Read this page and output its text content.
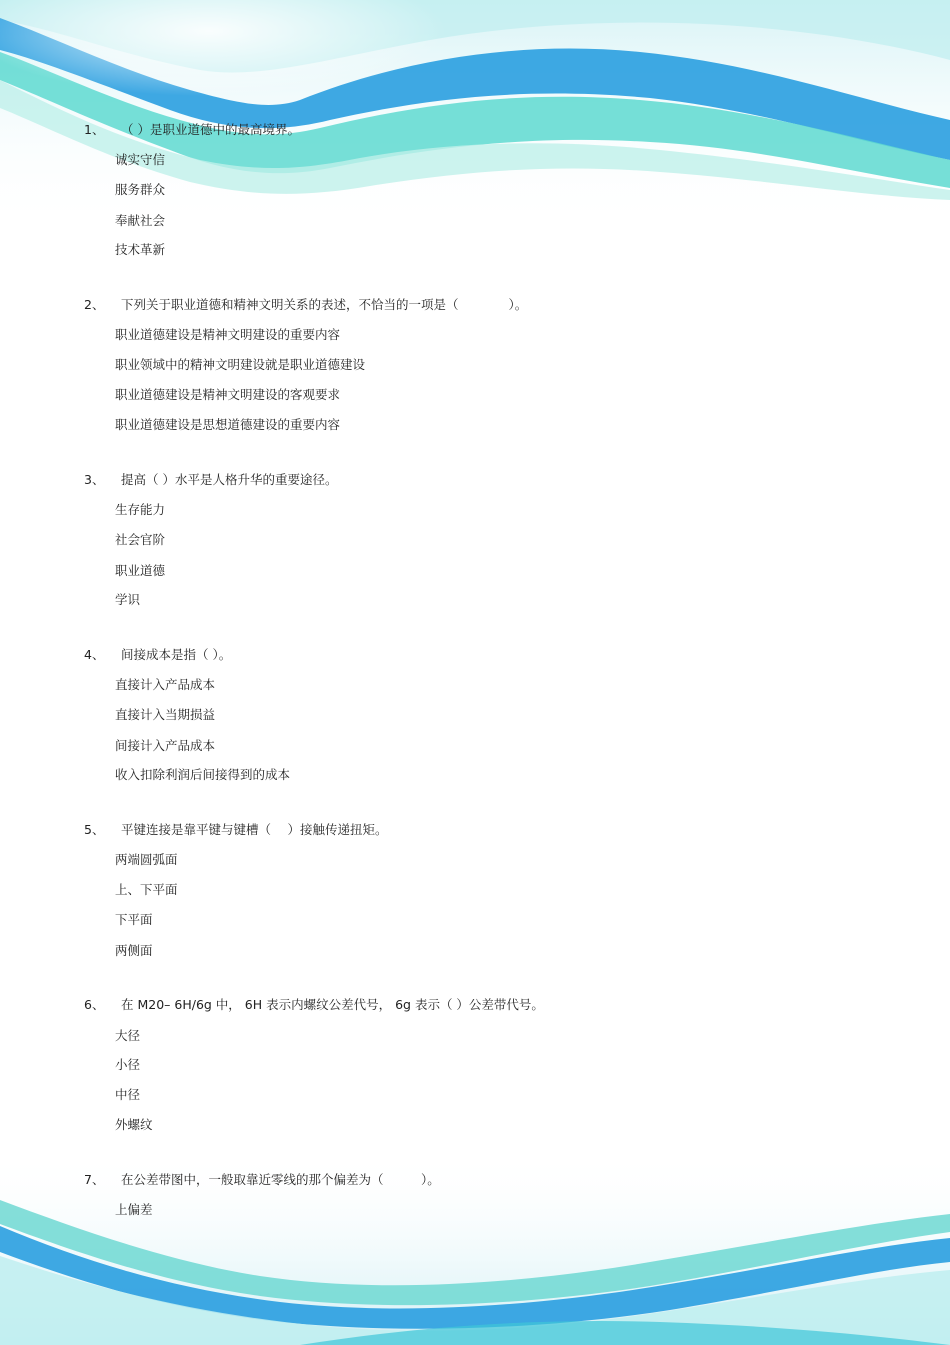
1、 （ ）是职业道德中的最高境界。
诚实守信
服务群众
奉献社会
技术革新
2、 下列关于职业道德和精神文明关系的表述，不恰当的一项是（　　　　）。
职业道德建设是精神文明建设的重要内容
职业领域中的精神文明建设就是职业道德建设
职业道德建设是精神文明建设的客观要求
职业道德建设是思想道德建设的重要内容
3、 提高（ ）水平是人格升华的重要途径。
生存能力
社会官阶
职业道德
学识
4、 间接成本是指（ ）。
直接计入产品成本
直接计入当期损益
间接计入产品成本
收入扣除利润后间接得到的成本
5、 平键连接是靠平键与键槽（　 ）接触传递扭矩。
两端圆弧面
上、下平面
下平面
两侧面
6、 在 M20– 6H/6g 中， 6H 表示内螺纹公差代号， 6g 表示（ ）公差带代号。
大径
小径
中径
外螺纹
7、 在公差带图中，一般取靠近零线的那个偏差为（　　　）。
上偏差
